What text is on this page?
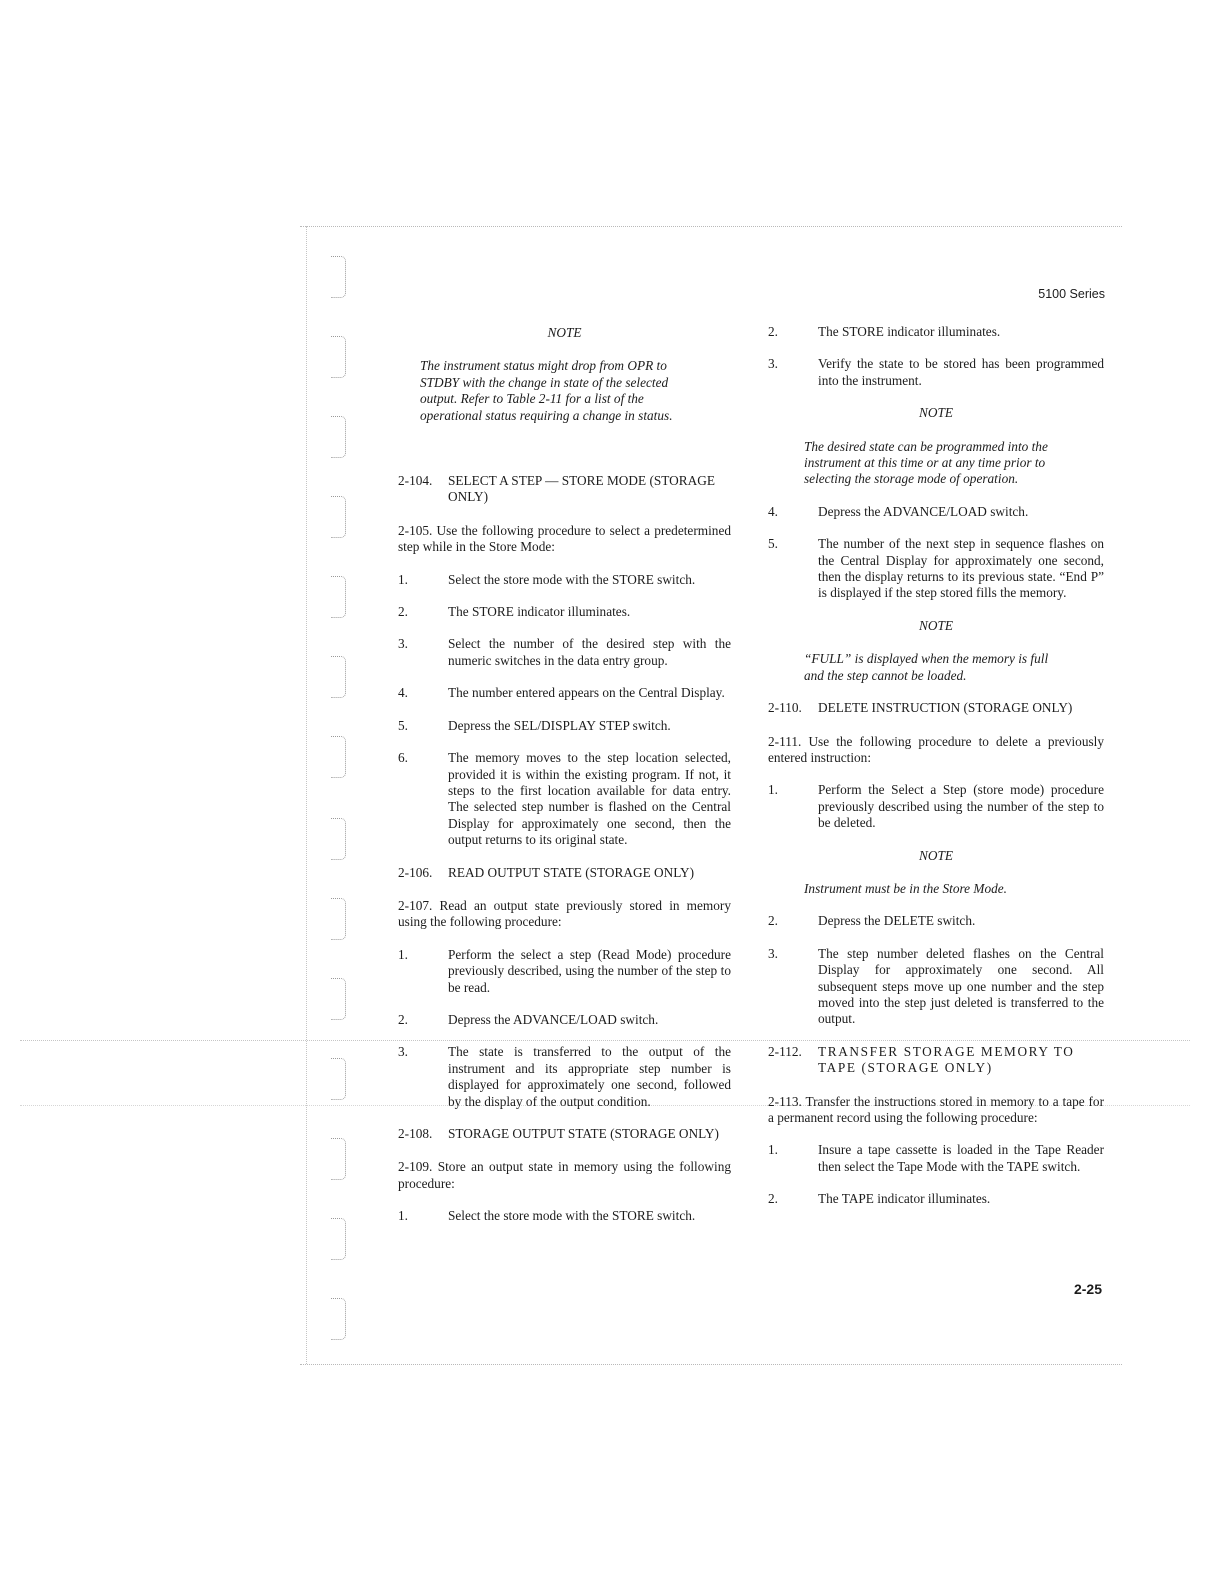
5100 Series
NOTE
The instrument status might drop from OPR to STDBY with the change in state of the selected output. Refer to Table 2-11 for a list of the operational status requiring a change in status.
2-104.	SELECT A STEP — STORE MODE (STORAGE ONLY)
2-105. Use the following procedure to select a predetermined step while in the Store Mode:
1.	Select the store mode with the STORE switch.
2.	The STORE indicator illuminates.
3.	Select the number of the desired step with the numeric switches in the data entry group.
4.	The number entered appears on the Central Display.
5.	Depress the SEL/DISPLAY STEP switch.
6.	The memory moves to the step location selected, provided it is within the existing program. If not, it steps to the first location available for data entry. The selected step number is flashed on the Central Display for approximately one second, then the output returns to its original state.
2-106.	READ OUTPUT STATE (STORAGE ONLY)
2-107. Read an output state previously stored in memory using the following procedure:
1.	Perform the select a step (Read Mode) procedure previously described, using the number of the step to be read.
2.	Depress the ADVANCE/LOAD switch.
3.	The state is transferred to the output of the instrument and its appropriate step number is displayed for approximately one second, followed by the display of the output condition.
2-108.	STORAGE OUTPUT STATE (STORAGE ONLY)
2-109. Store an output state in memory using the following procedure:
1.	Select the store mode with the STORE switch.
2.	The STORE indicator illuminates.
3.	Verify the state to be stored has been programmed into the instrument.
NOTE
The desired state can be programmed into the instrument at this time or at any time prior to selecting the storage mode of operation.
4.	Depress the ADVANCE/LOAD switch.
5.	The number of the next step in sequence flashes on the Central Display for approximately one second, then the display returns to its previous state. “End P” is displayed if the step stored fills the memory.
NOTE
“FULL” is displayed when the memory is full and the step cannot be loaded.
2-110.	DELETE INSTRUCTION (STORAGE ONLY)
2-111. Use the following procedure to delete a previously entered instruction:
1.	Perform the Select a Step (store mode) procedure previously described using the number of the step to be deleted.
NOTE
Instrument must be in the Store Mode.
2.	Depress the DELETE switch.
3.	The step number deleted flashes on the Central Display for approximately one second. All subsequent steps move up one number and the step moved into the step just deleted is transferred to the output.
2-112.	TRANSFER STORAGE MEMORY TO TAPE (STORAGE ONLY)
2-113. Transfer the instructions stored in memory to a tape for a permanent record using the following procedure:
1.	Insure a tape cassette is loaded in the Tape Reader then select the Tape Mode with the TAPE switch.
2.	The TAPE indicator illuminates.
2-25
